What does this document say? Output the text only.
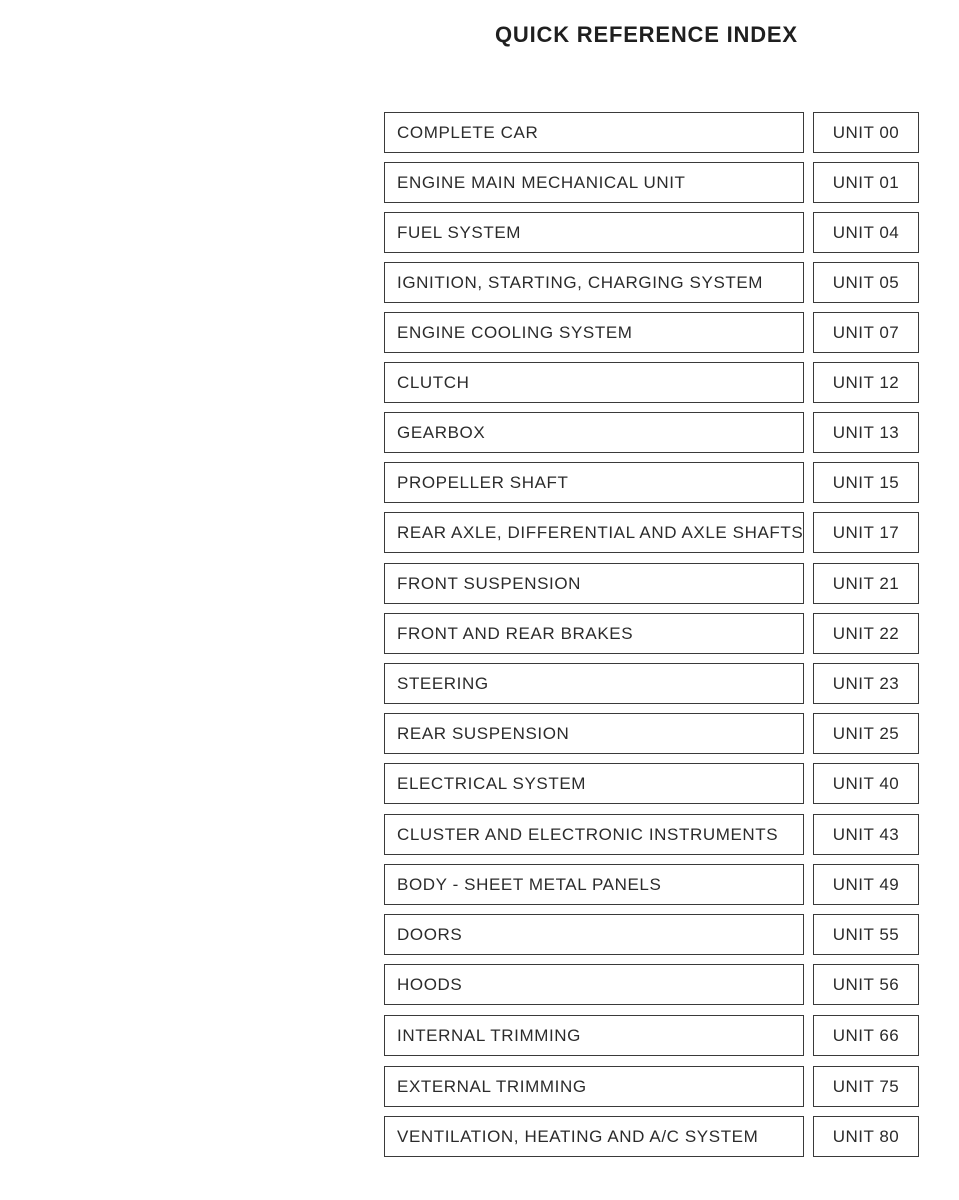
QUICK REFERENCE INDEX
COMPLETE CAR	UNIT 00
ENGINE MAIN MECHANICAL UNIT	UNIT 01
FUEL SYSTEM	UNIT 04
IGNITION, STARTING, CHARGING SYSTEM	UNIT 05
ENGINE COOLING SYSTEM	UNIT 07
CLUTCH	UNIT 12
GEARBOX	UNIT 13
PROPELLER SHAFT	UNIT 15
REAR AXLE, DIFFERENTIAL AND AXLE SHAFTS	UNIT 17
FRONT SUSPENSION	UNIT 21
FRONT AND REAR BRAKES	UNIT 22
STEERING	UNIT 23
REAR SUSPENSION	UNIT 25
ELECTRICAL SYSTEM	UNIT 40
CLUSTER AND ELECTRONIC INSTRUMENTS	UNIT 43
BODY - SHEET METAL PANELS	UNIT 49
DOORS	UNIT 55
HOODS	UNIT 56
INTERNAL TRIMMING	UNIT 66
EXTERNAL TRIMMING	UNIT 75
VENTILATION, HEATING AND A/C SYSTEM	UNIT 80
